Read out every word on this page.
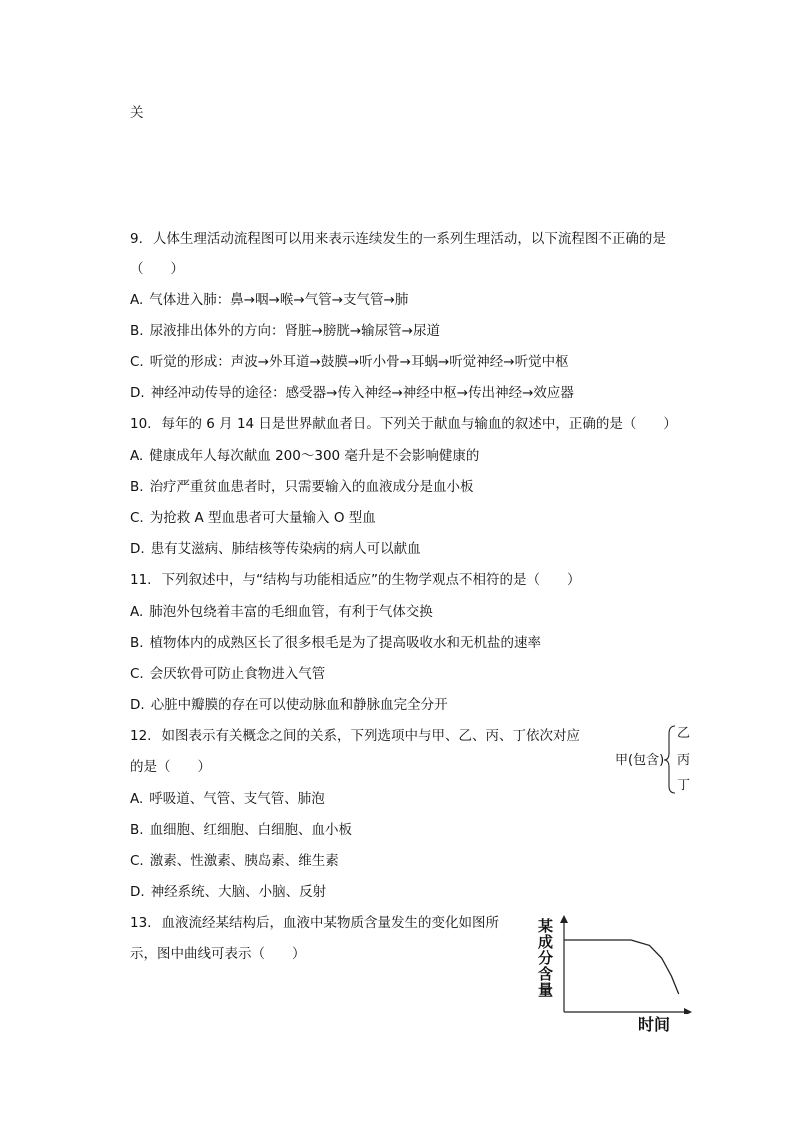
关
9. 人体生理活动流程图可以用来表示连续发生的一系列生理活动，以下流程图不正确的是
（　　）
A. 气体进入肺：鼻→咽→喉→气管→支气管→肺
B. 尿液排出体外的方向：肾脏→膀胱→输尿管→尿道
C. 听觉的形成：声波→外耳道→鼓膜→听小骨→耳蜗→听觉神经→听觉中枢
D. 神经冲动传导的途径：感受器→传入神经→神经中枢→传出神经→效应器
10. 每年的 6 月 14 日是世界献血者日。下列关于献血与输血的叙述中，正确的是（　　）
A. 健康成年人每次献血 200～300 毫升是不会影响健康的
B. 治疗严重贫血患者时，只需要输入的血液成分是血小板
C. 为抢救 A 型血患者可大量输入 O 型血
D. 患有艾滋病、肺结核等传染病的病人可以献血
11. 下列叙述中，与“结构与功能相适应”的生物学观点不相符的是（　　）
A. 肺泡外包绕着丰富的毛细血管，有利于气体交换
B. 植物体内的成熟区长了很多根毛是为了提高吸收水和无机盐的速率
C. 会厌软骨可防止食物进入气管
D. 心脏中瓣膜的存在可以使动脉血和静脉血完全分开
12. 如图表示有关概念之间的关系，下列选项中与甲、乙、丙、丁依次对应
的是（　　）	甲(包含)
乙
丙
丁
A. 呼吸道、气管、支气管、肺泡
B. 血细胞、红细胞、白细胞、血小板
C. 激素、性激素、胰岛素、维生素
D. 神经系统、大脑、小脑、反射
13. 血液流经某结构后，血液中某物质含量发生的变化如图所
示，图中曲线可表示（　　）
某成分含量
时间
